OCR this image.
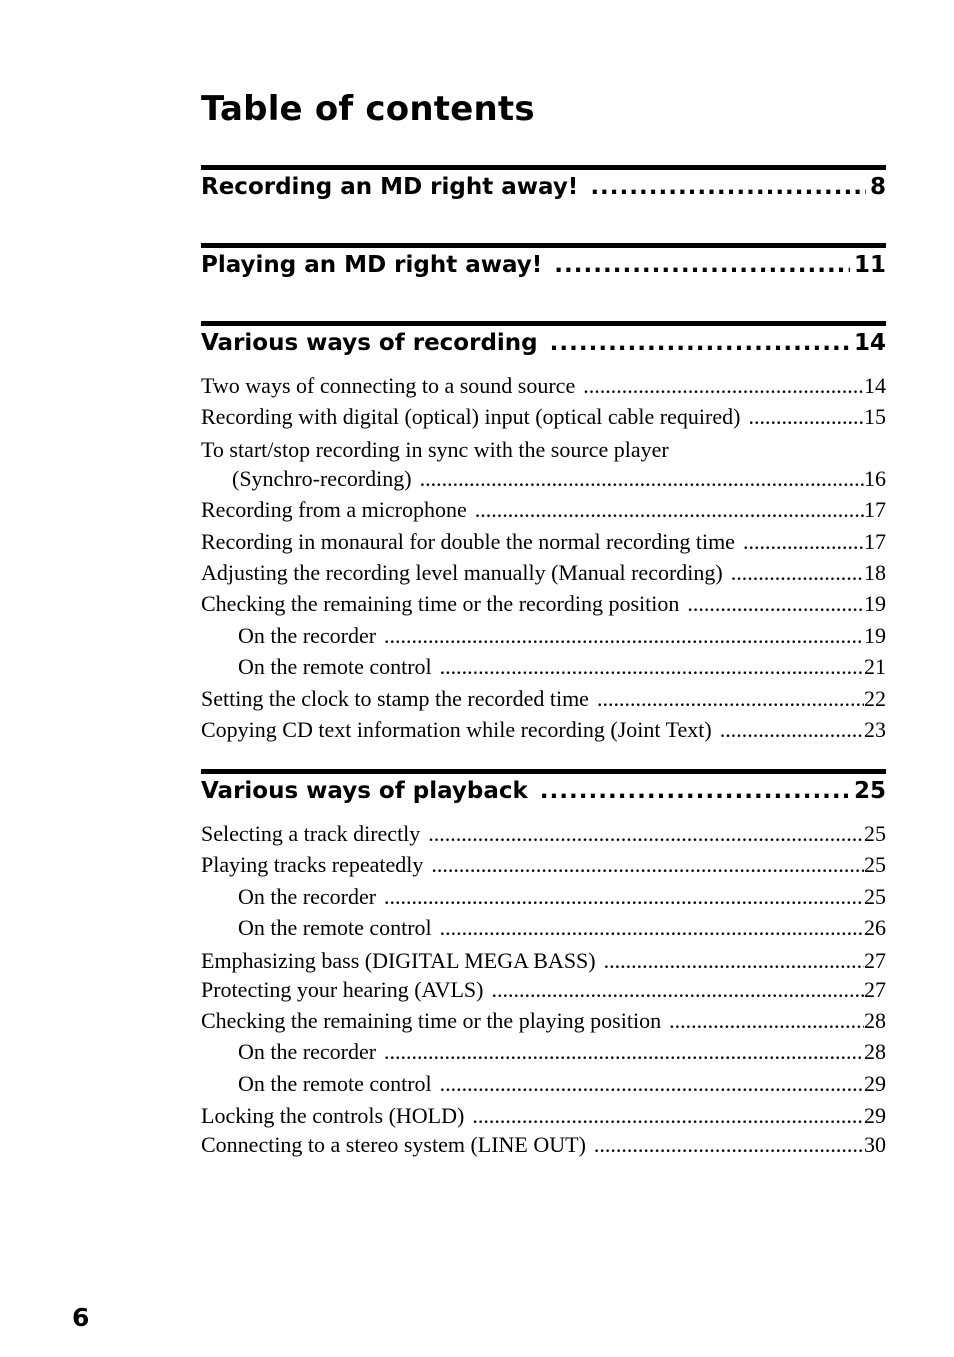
Table of contents
Recording an MD right away! .....	8
Playing an MD right away! .....	11
Various ways of recording .....	14
Two ways of connecting to a sound source .....	14
Recording with digital (optical) input (optical cable required) .....	15
To start/stop recording in sync with the source player
(Synchro-recording) .....	16
Recording from a microphone .....	17
Recording in monaural for double the normal recording time .....	17
Adjusting the recording level manually (Manual recording) .....	18
Checking the remaining time or the recording position .....	19
On the recorder .....	19
On the remote control .....	21
Setting the clock to stamp the recorded time .....	22
Copying CD text information while recording (Joint Text) .....	23
Various ways of playback .....	25
Selecting a track directly .....	25
Playing tracks repeatedly .....	25
On the recorder .....	25
On the remote control .....	26
Emphasizing bass (DIGITAL MEGA BASS) .....	27
Protecting your hearing (AVLS) .....	27
Checking the remaining time or the playing position .....	28
On the recorder .....	28
On the remote control .....	29
Locking the controls (HOLD) .....	29
Connecting to a stereo system (LINE OUT) .....	30
6
